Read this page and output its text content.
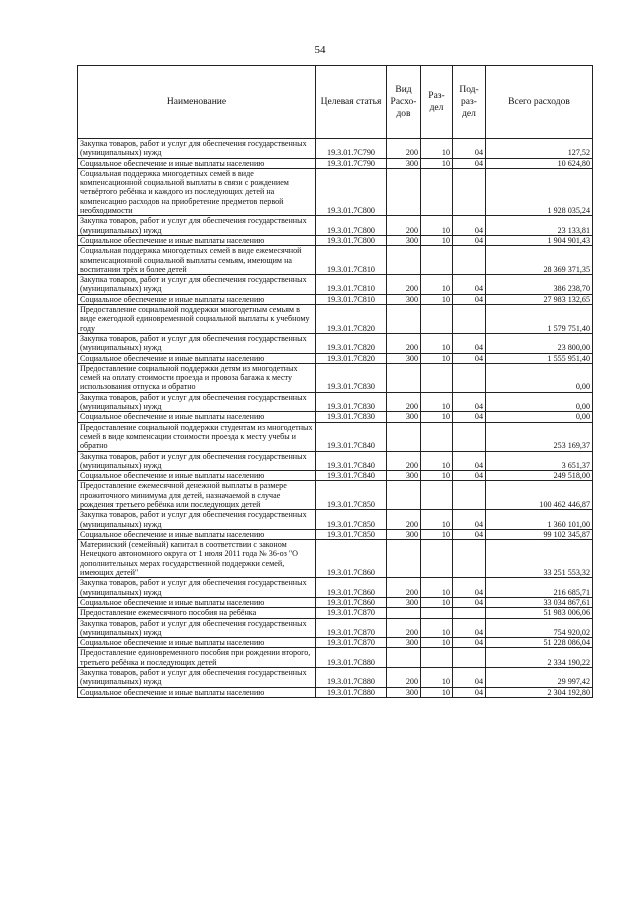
54
Наименование	Целевая статья	Вид Расхо- дов	Раз- дел	Под- раз- дел	Всего расходов
Закупка товаров, работ и услуг для обеспечения государственных (муниципальных) нужд	19.3.01.7С790	200	10	04	127,52
Социальное обеспечение и иные выплаты населению	19.3.01.7С790	300	10	04	10 624,80
Социальная поддержка многодетных семей в виде компенсационной социальной выплаты в связи с рождением четвёртого ребёнка и каждого из последующих детей на компенсацию расходов на приобретение предметов первой необходимости	19.3.01.7С800				1 928 035,24
Закупка товаров, работ и услуг для обеспечения государственных (муниципальных) нужд	19.3.01.7С800	200	10	04	23 133,81
Социальное обеспечение и иные выплаты населению	19.3.01.7С800	300	10	04	1 904 901,43
Социальная поддержка многодетных семей в виде ежемесячной компенсационной социальной выплаты семьям, имеющим на воспитании трёх и более детей	19.3.01.7С810				28 369 371,35
Закупка товаров, работ и услуг для обеспечения государственных (муниципальных) нужд	19.3.01.7С810	200	10	04	386 238,70
Социальное обеспечение и иные выплаты населению	19.3.01.7С810	300	10	04	27 983 132,65
Предоставление социальной поддержки многодетным семьям в виде ежегодной единовременной социальной выплаты к учебному году	19.3.01.7С820				1 579 751,40
Закупка товаров, работ и услуг для обеспечения государственных (муниципальных) нужд	19.3.01.7С820	200	10	04	23 800,00
Социальное обеспечение и иные выплаты населению	19.3.01.7С820	300	10	04	1 555 951,40
Предоставление социальной поддержки детям из многодетных семей на оплату стоимости проезда и провоза багажа к месту использования отпуска и обратно	19.3.01.7С830				0,00
Закупка товаров, работ и услуг для обеспечения государственных (муниципальных) нужд	19.3.01.7С830	200	10	04	0,00
Социальное обеспечение и иные выплаты населению	19.3.01.7С830	300	10	04	0,00
Предоставление социальной поддержки студентам из многодетных семей в виде компенсации стоимости проезда к месту учебы и обратно	19.3.01.7С840				253 169,37
Закупка товаров, работ и услуг для обеспечения государственных (муниципальных) нужд	19.3.01.7С840	200	10	04	3 651,37
Социальное обеспечение и иные выплаты населению	19.3.01.7С840	300	10	04	249 518,00
Предоставление ежемесячной денежной выплаты в размере прожиточного минимума для детей, назначаемой в случае рождения третьего ребёнка или последующих детей	19.3.01.7С850				100 462 446,87
Закупка товаров, работ и услуг для обеспечения государственных (муниципальных) нужд	19.3.01.7С850	200	10	04	1 360 101,00
Социальное обеспечение и иные выплаты населению	19.3.01.7С850	300	10	04	99 102 345,87
Материнский (семейный) капитал в соответствии с законом Ненецкого автономного округа от 1 июля 2011 года № 36-оз "О дополнительных мерах государственной поддержки семей, имеющих детей"	19.3.01.7С860				33 251 553,32
Закупка товаров, работ и услуг для обеспечения государственных (муниципальных) нужд	19.3.01.7С860	200	10	04	216 685,71
Социальное обеспечение и иные выплаты населению	19.3.01.7С860	300	10	04	33 034 867,61
Предоставление ежемесячного пособия на ребёнка	19.3.01.7С870				51 983 006,06
Закупка товаров, работ и услуг для обеспечения государственных (муниципальных) нужд	19.3.01.7С870	200	10	04	754 920,02
Социальное обеспечение и иные выплаты населению	19.3.01.7С870	300	10	04	51 228 086,04
Предоставление единовременного пособия при рождении второго, третьего ребёнка и последующих детей	19.3.01.7С880				2 334 190,22
Закупка товаров, работ и услуг для обеспечения государственных (муниципальных) нужд	19.3.01.7С880	200	10	04	29 997,42
Социальное обеспечение и иные выплаты населению	19.3.01.7С880	300	10	04	2 304 192,80
